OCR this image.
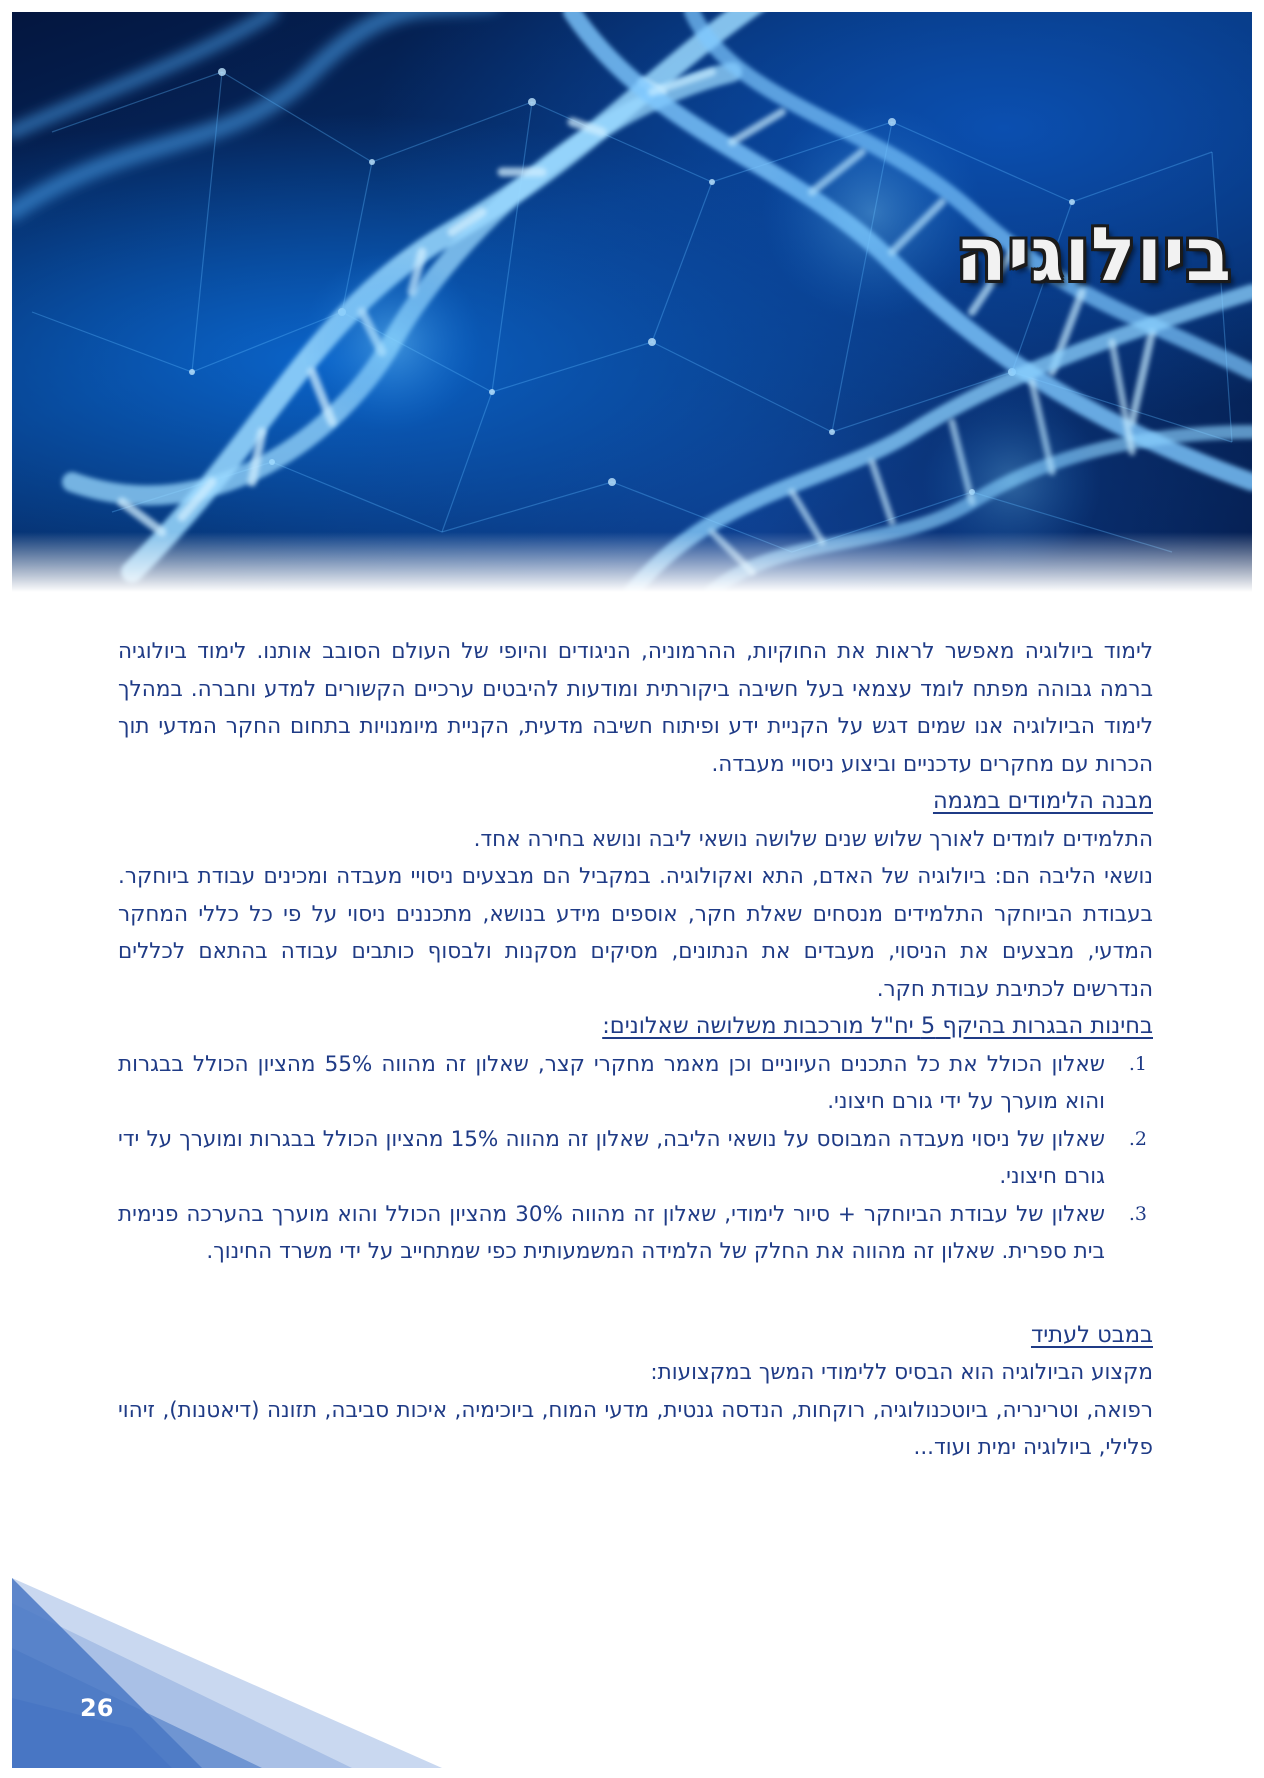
ביולוגיה

לימוד ביולוגיה מאפשר לראות את החוקיות, ההרמוניה, הניגודים והיופי של העולם הסובב אותנו. לימוד ביולוגיה ברמה גבוהה מפתח לומד עצמאי בעל חשיבה ביקורתית ומודעות להיבטים ערכיים הקשורים למדע וחברה. במהלך לימוד הביולוגיה אנו שמים דגש על הקניית ידע ופיתוח חשיבה מדעית, הקניית מיומנויות בתחום החקר המדעי תוך הכרות עם מחקרים עדכניים וביצוע ניסויי מעבדה.

מבנה הלימודים במגמה

התלמידים לומדים לאורך שלוש שנים שלושה נושאי ליבה ונושא בחירה אחד.

נושאי הליבה הם: ביולוגיה של האדם, התא ואקולוגיה. במקביל הם מבצעים ניסויי מעבדה ומכינים עבודת ביוחקר. בעבודת הביוחקר התלמידים מנסחים שאלת חקר, אוספים מידע בנושא, מתכננים ניסוי על פי כל כללי המחקר המדעי, מבצעים את הניסוי, מעבדים את הנתונים, מסיקים מסקנות ולבסוף כותבים עבודה בהתאם לכללים הנדרשים לכתיבת עבודת חקר.

בחינות הבגרות בהיקף 5 יח"ל מורכבות משלושה שאלונים:
1.
שאלון הכולל את כל התכנים העיוניים וכן מאמר מחקרי קצר, שאלון זה מהווה 55% מהציון הכולל בבגרות והוא מוערך על ידי גורם חיצוני.
2.
שאלון של ניסוי מעבדה המבוסס על נושאי הליבה, שאלון זה מהווה 15% מהציון הכולל בבגרות ומוערך על ידי גורם חיצוני.
3.
שאלון של עבודת הביוחקר + סיור לימודי, שאלון זה מהווה 30% מהציון הכולל והוא מוערך בהערכה פנימית בית ספרית. שאלון זה מהווה את החלק של הלמידה המשמעותית כפי שמתחייב על ידי משרד החינוך.
במבט לעתיד

מקצוע הביולוגיה הוא הבסיס ללימודי המשך במקצועות:

רפואה, וטרינריה, ביוטכנולוגיה, רוקחות, הנדסה גנטית, מדעי המוח, ביוכימיה, איכות סביבה, תזונה (דיאטנות), זיהוי פלילי, ביולוגיה ימית ועוד...

26
